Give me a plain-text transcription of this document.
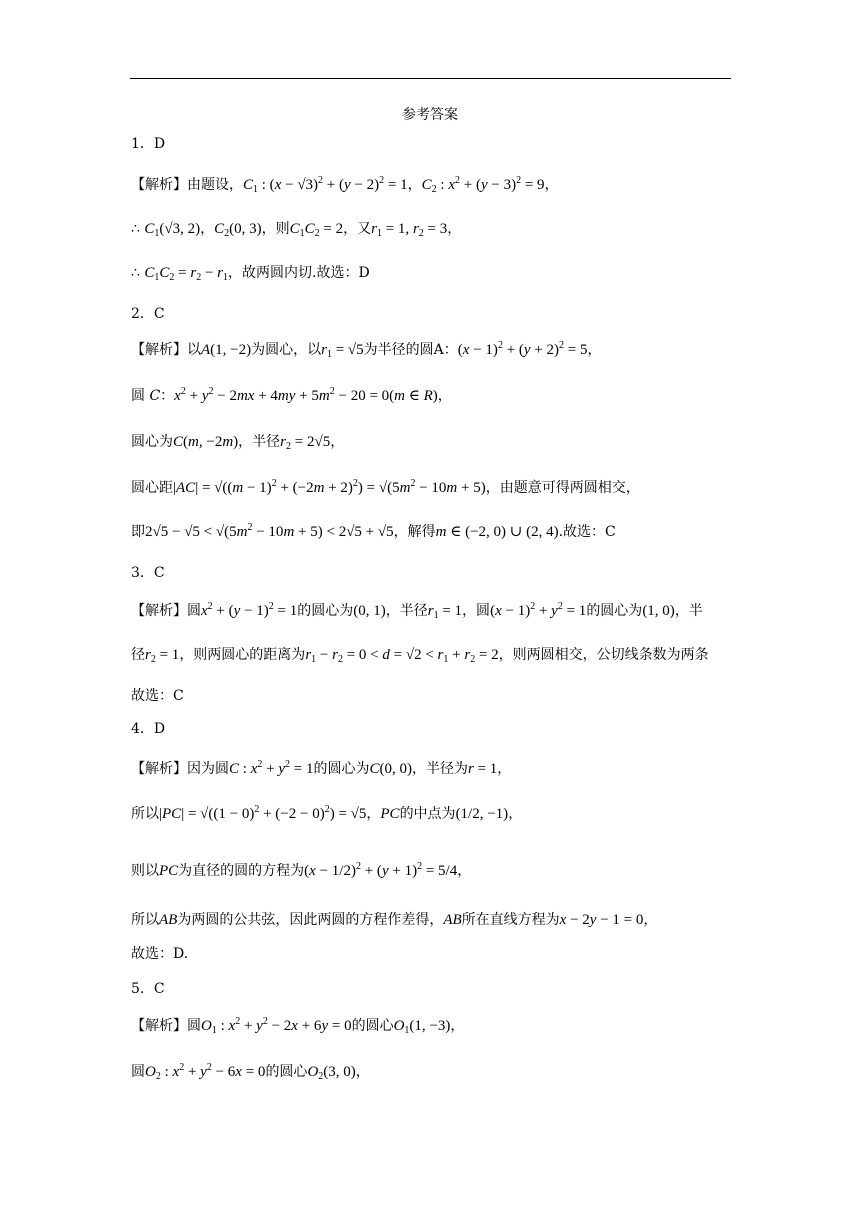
参考答案
1．D
【解析】由题设，$C_1$ : $(x - √3)^2 + (y - 2)^2 = 1$，$C_2$ : $x^2 + (y - 3)^2 = 9$，
∴ $C_1(√3$, 2)，$C_2(0$, 3)，则$C_1C_2 = 2$，又$r_1 = 1$, $r_2 = 3$，
∴ $C_1C_2 = r_2 - r_1$，故两圆内切.故选：D
2．C
【解析】以A(1, −2)为圆心，以$r_1 = √5$为半径的圆A：$(x - 1)^2 + (y + 2)^2 = 5$，
圆 C：$x^2 + y^2 - 2mx + 4my + 5m^2 - 20 = 0(m$ ∈ R)，
圆心为C(m, −2m)，半径$r_2 = 2√5$，
圆心距$|AC| = √((m - 1)^2 + (-2m + 2)^2) = √(5m^2 - 10m + 5)$，由题意可得两圆相交，
即$2√5 - √5 < √(5m^2 - 10m + 5) < 2√5 + √5$，解得m ∈ (−2, 0) ∪ (2, 4).故选：C
3．C
【解析】圆$x^2 + (y - 1)^2 = 1$的圆心为(0, 1)，半径$r_1 = 1$，圆$(x - 1)^2 + y^2 = 1$的圆心为(1, 0)，半
径$r_2 = 1$，则两圆心的距离为$r_1 - r_2 = 0 < d = √2 < r_1 + r_2 = 2$，则两圆相交，公切线条数为两条
故选：C
4．D
【解析】因为圆C : $x^2 + y^2 = 1$的圆心为C(0, 0)，半径为r = 1，
所以$|PC| = √((1 - 0)^2 + (-2 - 0)^2) = √5$，PC的中点为(1/2, −1)，
则以PC为直径的圆的方程为$(x - 1/2)^2 + (y + 1)^2 = 5/4$，
所以AB为两圆的公共弦，因此两圆的方程作差得，AB所在直线方程为x − 2y − 1 = 0，
故选：D.
5．C
【解析】圆$O_1$ : $x^2 + y^2 - 2x + 6y = 0$的圆心$O_1(1$, −3)，
圆$O_2$ : $x^2 + y^2 - 6x = 0$的圆心$O_2(3$, 0)，
